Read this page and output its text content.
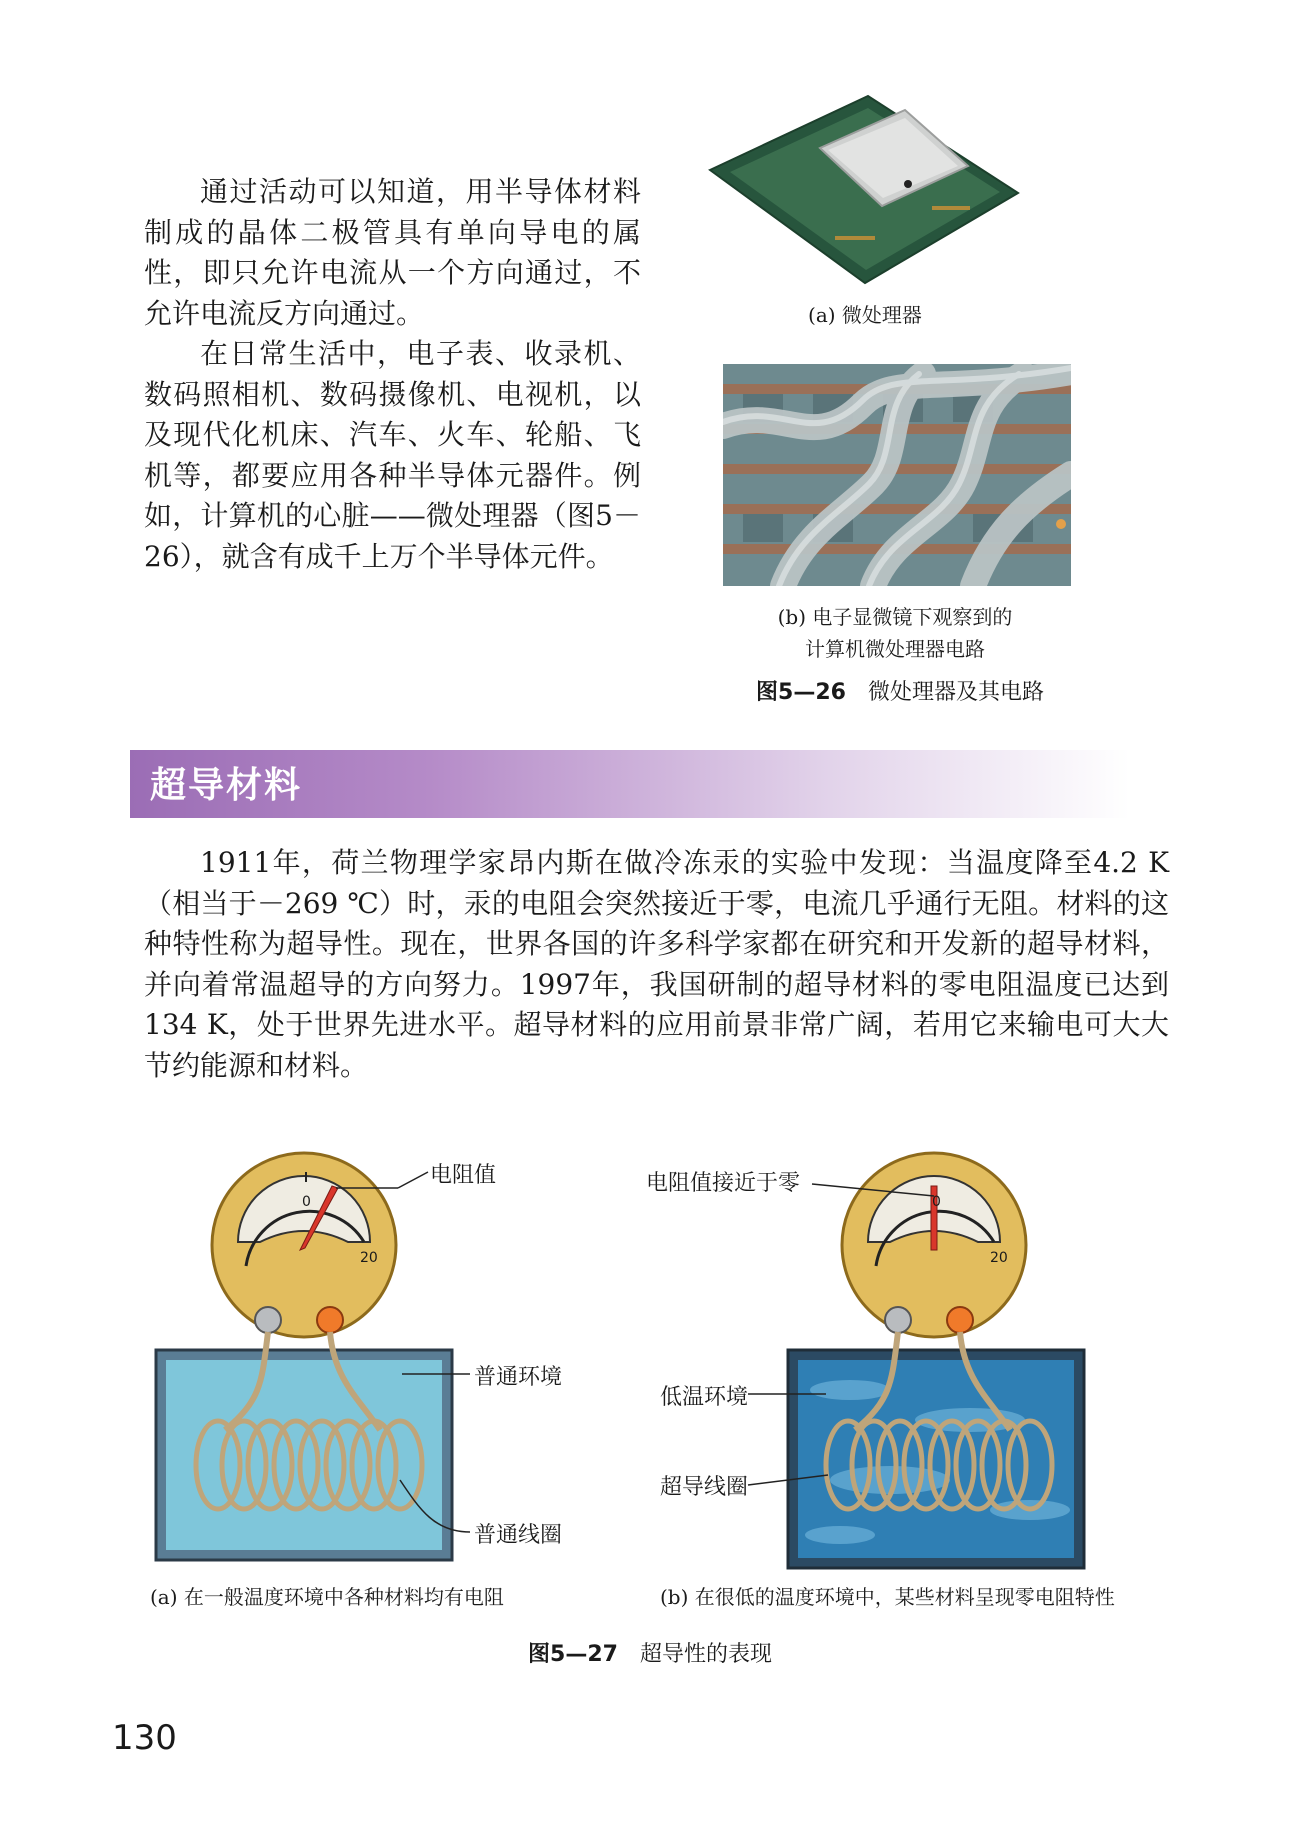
通过活动可以知道，用半导体材料制成的晶体二极管具有单向导电的属性，即只允许电流从一个方向通过，不允许电流反方向通过。

在日常生活中，电子表、收录机、数码照相机、数码摄像机、电视机，以及现代化机床、汽车、火车、轮船、飞机等，都要应用各种半导体元器件。例如，计算机的心脏——微处理器（图5－26），就含有成千上万个半导体元件。

(a) 微处理器
(b) 电子显微镜下观察到的
计算机微处理器电路
图5—26 微处理器及其电路
超导材料

1911年，荷兰物理学家昂内斯在做冷冻汞的实验中发现：当温度降至4.2 K（相当于－269 ℃）时，汞的电阻会突然接近于零，电流几乎通行无阻。材料的这种特性称为超导性。现在，世界各国的许多科学家都在研究和开发新的超导材料，并向着常温超导的方向努力。1997年，我国研制的超导材料的零电阻温度已达到134 K，处于世界先进水平。超导材料的应用前景非常广阔，若用它来输电可大大节约能源和材料。

0
20
电阻值
普通环境
普通线圈
(a) 在一般温度环境中各种材料均有电阻
0
20
电阻值接近于零
低温环境
超导线圈
(b) 在很低的温度环境中，某些材料呈现零电阻特性
图5—27 超导性的表现
130
